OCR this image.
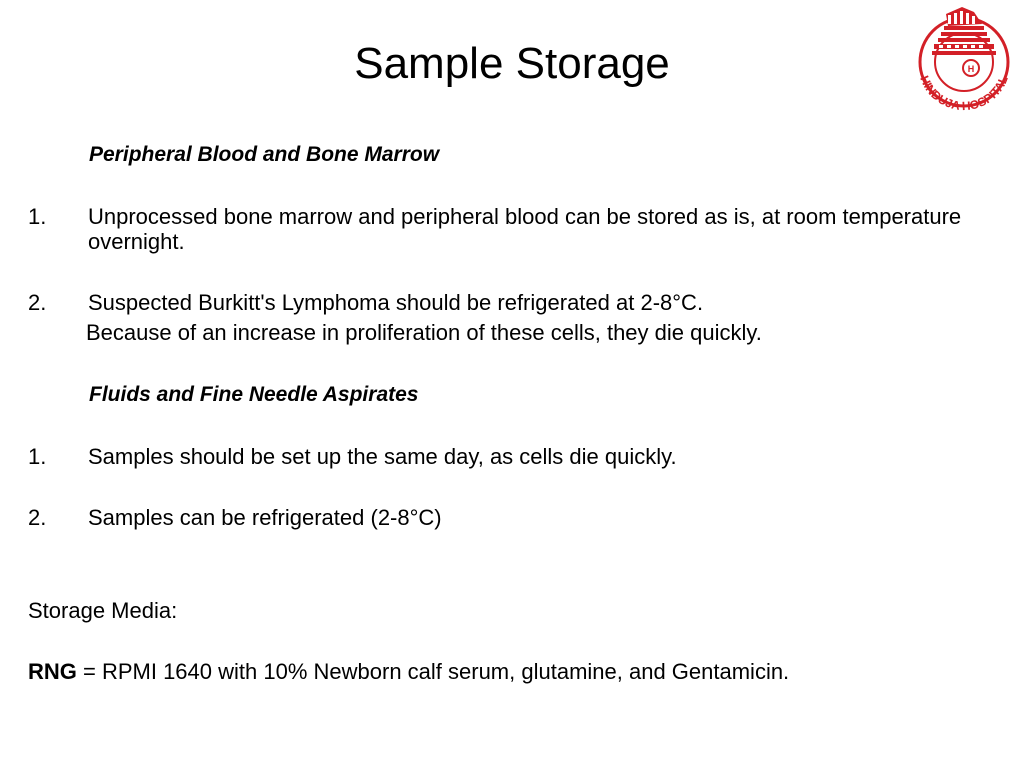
Sample Storage	H
HINDUJA HOSPITAL
Peripheral Blood and Bone Marrow
1. Unprocessed bone marrow and peripheral blood can be stored as is, at room temperature overnight.
2. Suspected Burkitt's Lymphoma should be refrigerated at 2-8°C.
Because of an increase in proliferation of these cells, they die quickly.
Fluids and Fine Needle Aspirates
1. Samples should be set up the same day, as cells die quickly.
2. Samples can be refrigerated (2-8°C)
Storage Media:
RNG = RPMI 1640 with 10% Newborn calf serum, glutamine, and Gentamicin.
